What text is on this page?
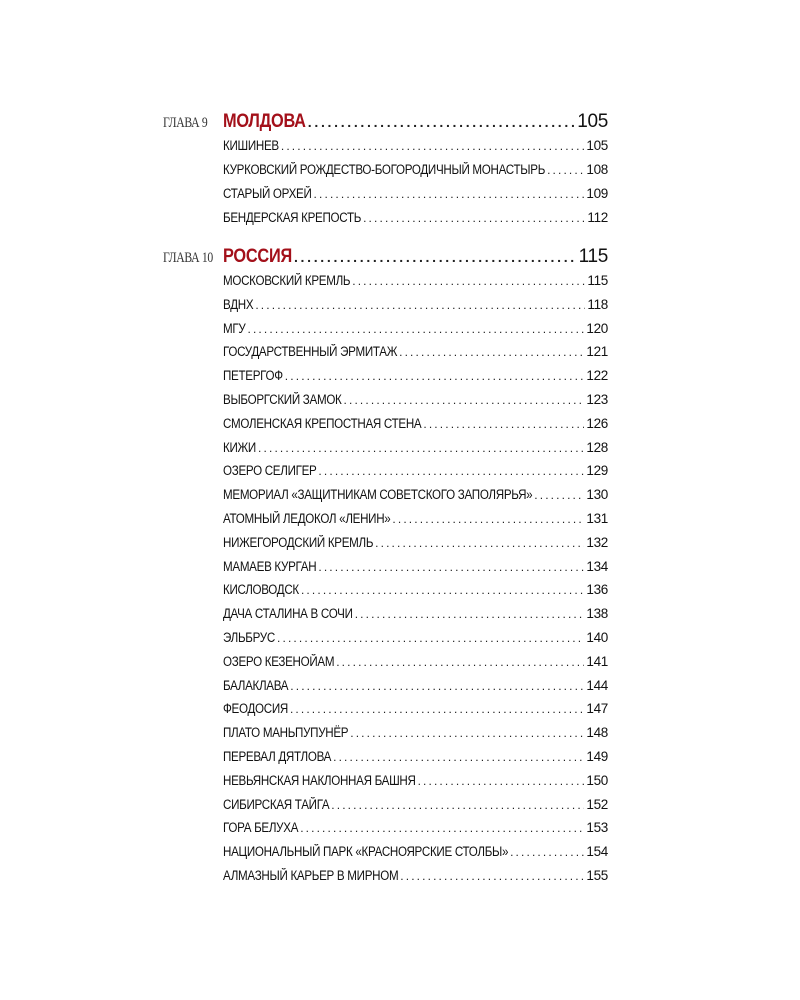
ГЛАВА 9 МОЛДОВА . . .	105
КИШИНЕВ . . .	105
КУРКОВСКИЙ РОЖДЕСТВО-БОГОРОДИЧНЫЙ МОНАСТЫРЬ . . .	108
СТАРЫЙ ОРХЕЙ . . .	109
БЕНДЕРСКАЯ КРЕПОСТЬ . . .	112
ГЛАВА 10 РОССИЯ . . .	115
МОСКОВСКИЙ КРЕМЛЬ . . .	115
ВДНХ . . .	118
МГУ . . .	120
ГОСУДАРСТВЕННЫЙ ЭРМИТАЖ . . .	121
ПЕТЕРГОФ . . .	122
ВЫБОРГСКИЙ ЗАМОК . . .	123
СМОЛЕНСКАЯ КРЕПОСТНАЯ СТЕНА . . .	126
КИЖИ . . .	128
ОЗЕРО СЕЛИГЕР . . .	129
МЕМОРИАЛ «ЗАЩИТНИКАМ СОВЕТСКОГО ЗАПОЛЯРЬЯ» . . .	130
АТОМНЫЙ ЛЕДОКОЛ «ЛЕНИН» . . .	131
НИЖЕГОРОДСКИЙ КРЕМЛЬ . . .	132
МАМАЕВ КУРГАН . . .	134
КИСЛОВОДСК . . .	136
ДАЧА СТАЛИНА В СОЧИ . . .	138
ЭЛЬБРУС . . .	140
ОЗЕРО КЕЗЕНОЙАМ . . .	141
БАЛАКЛАВА . . .	144
ФЕОДОСИЯ . . .	147
ПЛАТО МАНЬПУПУНЁР . . .	148
ПЕРЕВАЛ ДЯТЛОВА . . .	149
НЕВЬЯНСКАЯ НАКЛОННАЯ БАШНЯ . . .	150
СИБИРСКАЯ ТАЙГА . . .	152
ГОРА БЕЛУХА . . .	153
НАЦИОНАЛЬНЫЙ ПАРК «КРАСНОЯРСКИЕ СТОЛБЫ» . . .	154
АЛМАЗНЫЙ КАРЬЕР В МИРНОМ . . .	155
